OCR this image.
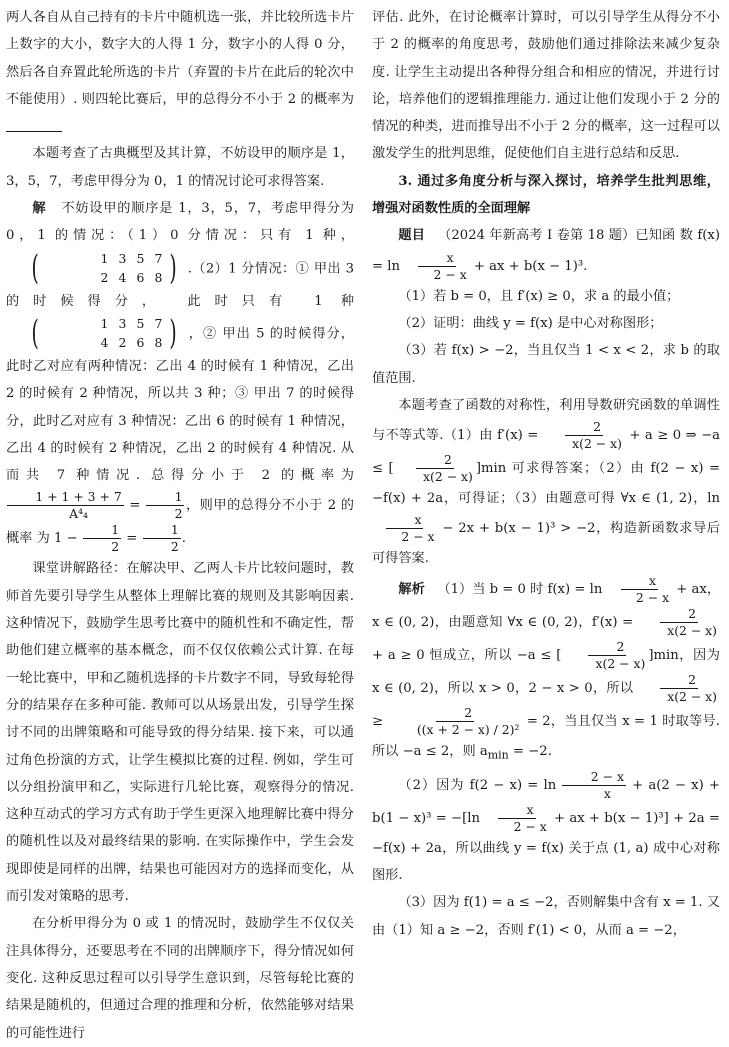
两人各自从自己持有的卡片中随机选一张，并比较所选卡片上数字的大小，数字大的人得 1 分，数字小的人得 0 分，然后各自弃置此轮所选的卡片（弃置的卡片在此后的轮次中不能使用）. 则四轮比赛后，甲的总得分不小于 2 的概率为

本题考查了古典概型及其计算，不妨设甲的顺序是 1，3，5，7，考虑甲得分为 0，1 的情况讨论可求得答案.

解 不妨设甲的顺序是 1，3，5，7，考虑甲得分为 0，1 的情况：（1）0 分情况：只有 1 种，
(	1 3 5 7
2 4 6 8 ) .（2）1 分情况：① 甲出 3 的时候得分， 此时只有 1 种
(	1 3 5 7
4 2 6 8 ) ，② 甲出 5 的时候得分， 此时乙对应有两种情况：乙出 4 的时候有 1 种情况，乙出 2 的时候有 2 种情况，所以共 3 种；③ 甲出 7 的时候得分，此时乙对应有 3 种情况：乙出 6 的时候有 1 种情况，乙出 4 的时候有 2 种情况，乙出 2 的时候有 4 种情况. 从而共 7 种情况. 总得分小于 2 的概率为
$\frac{1 + 1 + 3 + 7}{\text{A⁴₄}} = \frac{1}{2}$ ，则甲的总得分不小于 2 的概率 为 $1 - \frac{1}{2} = \frac{1}{2}$ .

课堂讲解路径：在解决甲、乙两人卡片比较问题时，教师首先要引导学生从整体上理解比赛的规则及其影响因素. 这种情况下，鼓励学生思考比赛中的随机性和不确定性，帮助他们建立概率的基本概念，而不仅仅依赖公式计算. 在每一轮比赛中，甲和乙随机选择的卡片数字不同，导致每轮得分的结果存在多种可能. 教师可以从场景出发，引导学生探讨不同的出牌策略和可能导致的得分结果. 接下来，可以通过角色扮演的方式，让学生模拟比赛的过程. 例如，学生可以分组扮演甲和乙，实际进行几轮比赛，观察得分的情况. 这种互动式的学习方式有助于学生更深入地理解比赛中得分的随机性以及对最终结果的影响. 在实际操作中，学生会发现即使是同样的出牌，结果也可能因对方的选择而变化，从而引发对策略的思考.

在分析甲得分为 0 或 1 的情况时，鼓励学生不仅仅关注具体得分，还要思考在不同的出牌顺序下，得分情况如何变化. 这种反思过程可以引导学生意识到，尽管每轮比赛的结果是随机的，但通过合理的推理和分析，依然能够对结果的可能性进行

评估. 此外，在讨论概率计算时，可以引导学生从得分不小于 2 的概率的角度思考，鼓励他们通过排除法来减少复杂度. 让学生主动提出各种得分组合和相应的情况，并进行讨论，培养他们的逻辑推理能力. 通过让他们发现小于 2 分的情况的种类，进而推导出不小于 2 分的概率，这一过程可以激发学生的批判思维，促使他们自主进行总结和反思.

3. 通过多角度分析与深入探讨，培养学生批判思维，增强对函数性质的全面理解

题目 （2024 年新高考 Ⅰ 卷第 18 题）已知函 数 $f(x) = \ln \frac{x}{2 - x}$ + ax + b(x − 1)³.

（1）若 b = 0，且 f′(x) ≥ 0，求 a 的最小值；

（2）证明：曲线 y = f(x) 是中心对称图形；

（3）若 f(x) > −2，当且仅当 1 < x < 2，求 b 的取值范围.

本题考查了函数的对称性，利用导数研究函数的单调性与不等式等.（1）由 $f'(x) = \frac{2}{x(2 - x)} + a \ge 0$ ⇒ −a ≤ [ $\frac{2}{x(2 - x)} ]\min$ 可求得答案；（2）由 f(2 − x) = −f(x) + 2a，可得证；（3）由题意可得 ∀x ∈ (1, 2)，ln
$\frac{x}{2 - x} - 2x + b(x - 1)^3 > -2$，构造新函数求导后可得答案.

解析 （1）当 b = 0 时 $f(x) = \ln \frac{x}{2 - x}$ + ax，x ∈ (0, 2)，由题意知 ∀x ∈ (0, 2)，$f'(x) = \frac{2}{x(2 - x)}$
+ a ≥ 0 恒成立，所以 −a ≤ [ $\frac{2}{x(2 - x)} ]\min$，因为 x ∈ (0, 2)，所以 x > 0，2 − x > 0，所以 $\frac{2}{x(2 - x)}$
≥ $\frac{2}{\text{((x + 2 − x) / 2)²}} = 2$，当且仅当 x = 1 时取等号. 所以 −a ≤ 2，则 $a_{min} = -2$.

（2）因为 $f(2 - x) = \ln \frac{2 - x}{x} + a(2 - x) + b(1 - x)^3 = -[\ln \frac{x}{2 - x}$ + ax + b(x − 1)³] + 2a = −f(x) + 2a，所以曲线 y = f(x) 关于点 (1, a) 成中心对称图形.

（3）因为 f(1) = a ≤ −2，否则解集中含有 x = 1. 又由（1）知 a ≥ −2，否则 f′(1) < 0，从而 a = −2，
